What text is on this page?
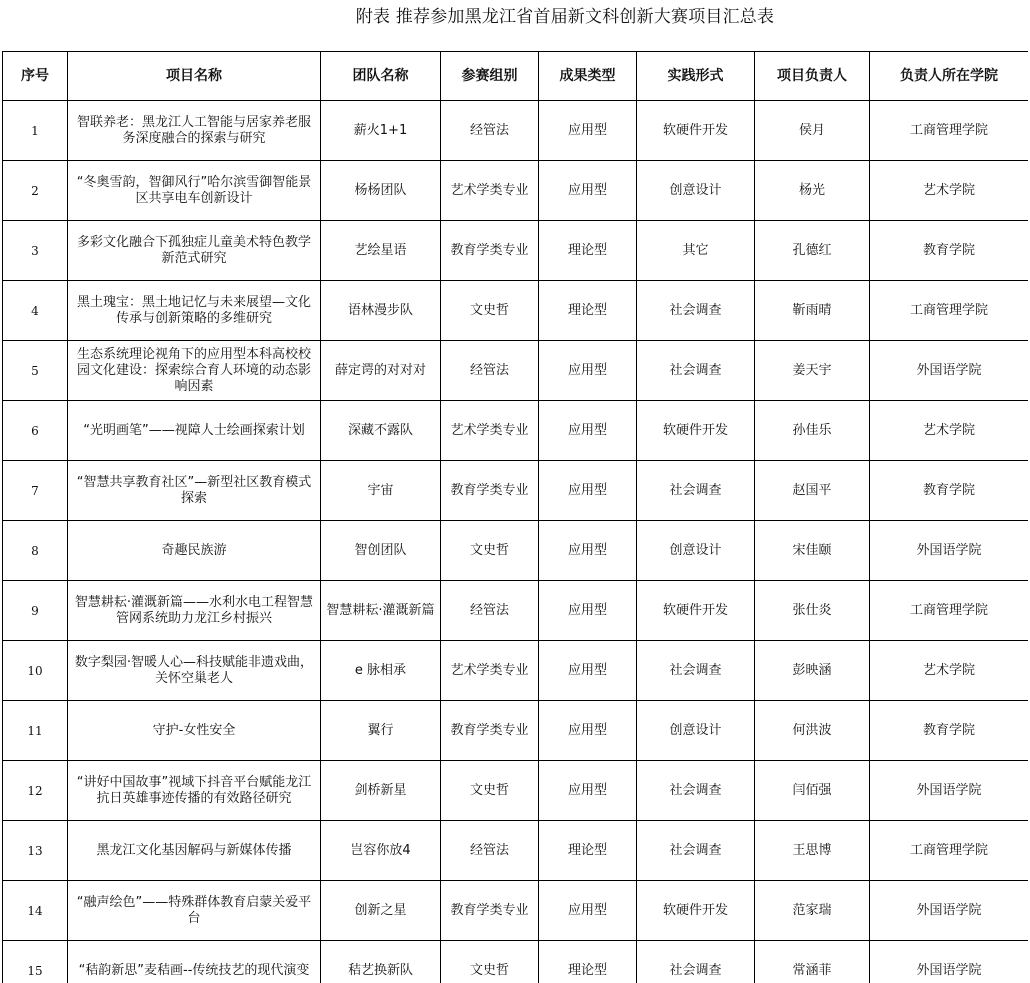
附表 推荐参加黑龙江省首届新文科创新大赛项目汇总表
序号	项目名称	团队名称	参赛组别	成果类型	实践形式	项目负责人	负责人所在学院
1	智联养老：黑龙江人工智能与居家养老服务深度融合的探索与研究	薪火1+1	经管法	应用型	软硬件开发	侯月	工商管理学院
2	“冬奥雪韵，智御风行”哈尔滨雪御智能景区共享电车创新设计	杨杨团队	艺术学类专业	应用型	创意设计	杨光	艺术学院
3	多彩文化融合下孤独症儿童美术特色教学新范式研究	艺绘星语	教育学类专业	理论型	其它	孔德红	教育学院
4	黑土瑰宝：黑土地记忆与未来展望—文化传承与创新策略的多维研究	语林漫步队	文史哲	理论型	社会调查	靳雨晴	工商管理学院
5	生态系统理论视角下的应用型本科高校校园文化建设：探索综合育人环境的动态影响因素	薛定谔的对对对	经管法	应用型	社会调查	姜天宇	外国语学院
6	“光明画笔”——视障人士绘画探索计划	深藏不露队	艺术学类专业	应用型	软硬件开发	孙佳乐	艺术学院
7	“智慧共享教育社区”—新型社区教育模式探索	宇宙	教育学类专业	应用型	社会调查	赵国平	教育学院
8	奇趣民族游	智创团队	文史哲	应用型	创意设计	宋佳颐	外国语学院
9	智慧耕耘·灌溉新篇——水利水电工程智慧管网系统助力龙江乡村振兴	智慧耕耘·灌溉新篇	经管法	应用型	软硬件开发	张仕炎	工商管理学院
10	数字梨园·智暖人心—科技赋能非遗戏曲，关怀空巢老人	e 脉相承	艺术学类专业	应用型	社会调查	彭映涵	艺术学院
11	守护-女性安全	翼行	教育学类专业	应用型	创意设计	何洪波	教育学院
12	“讲好中国故事”视域下抖音平台赋能龙江抗日英雄事迹传播的有效路径研究	剑桥新星	文史哲	应用型	社会调查	闫佰强	外国语学院
13	黑龙江文化基因解码与新媒体传播	岂容你放4	经管法	理论型	社会调查	王思博	工商管理学院
14	“融声绘色”——特殊群体教育启蒙关爱平台	创新之星	教育学类专业	应用型	软硬件开发	范家瑞	外国语学院
15	“秸韵新思”麦秸画--传统技艺的现代演变	秸艺换新队	文史哲	理论型	社会调查	常涵菲	外国语学院
